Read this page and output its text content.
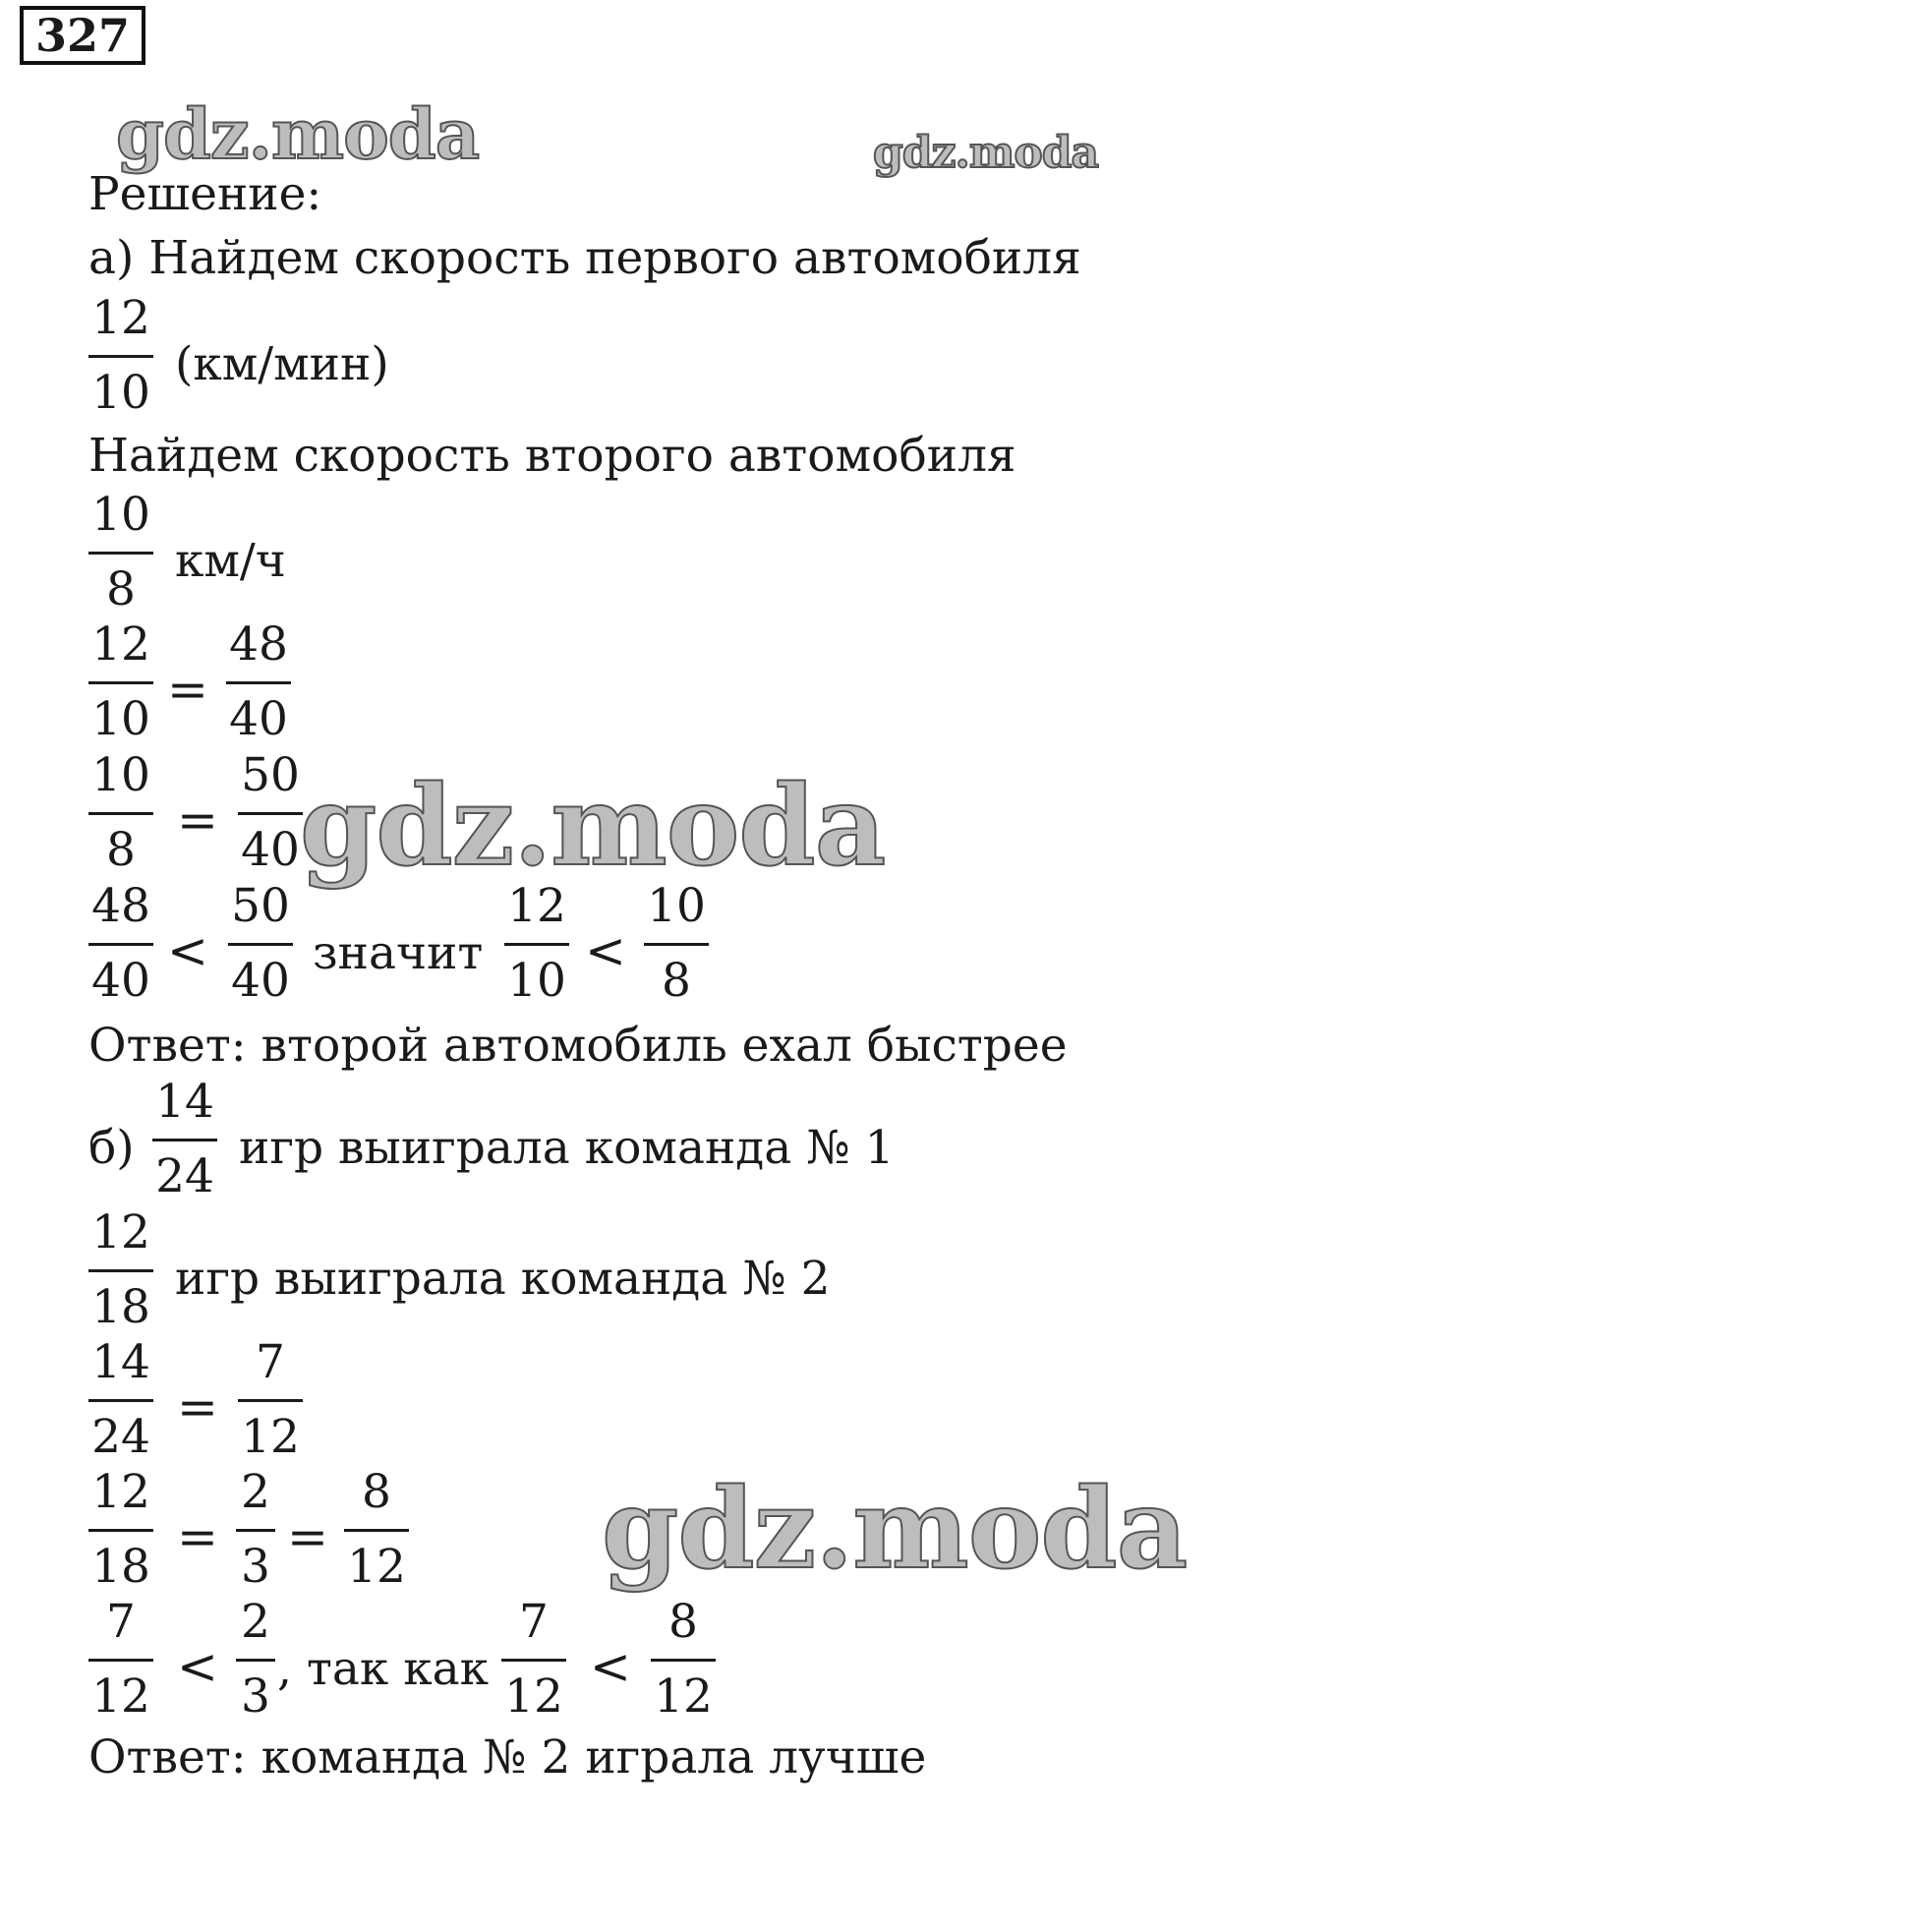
327
gdz.moda	gdz.moda
Решение:
а) Найдем скорость первого автомобиля
12
10
(км/мин)
Найдем скорость второго автомобиля
10
8
км/ч
12
10
=
48
40
10
8
=
50
40 gdz.moda
48
40
<
50
40
значит
12
10
<
10
8
Ответ: второй автомобиль ехал быстрее
б)
14
24
игр выиграла команда № 1
12
18
игр выиграла команда № 2
14
24
=
7
12
12
18
=
2
3
=
8
12 gdz.moda
7
12
<
2
3
, так как
7
12
<
8
12
Ответ: команда № 2 играла лучше
